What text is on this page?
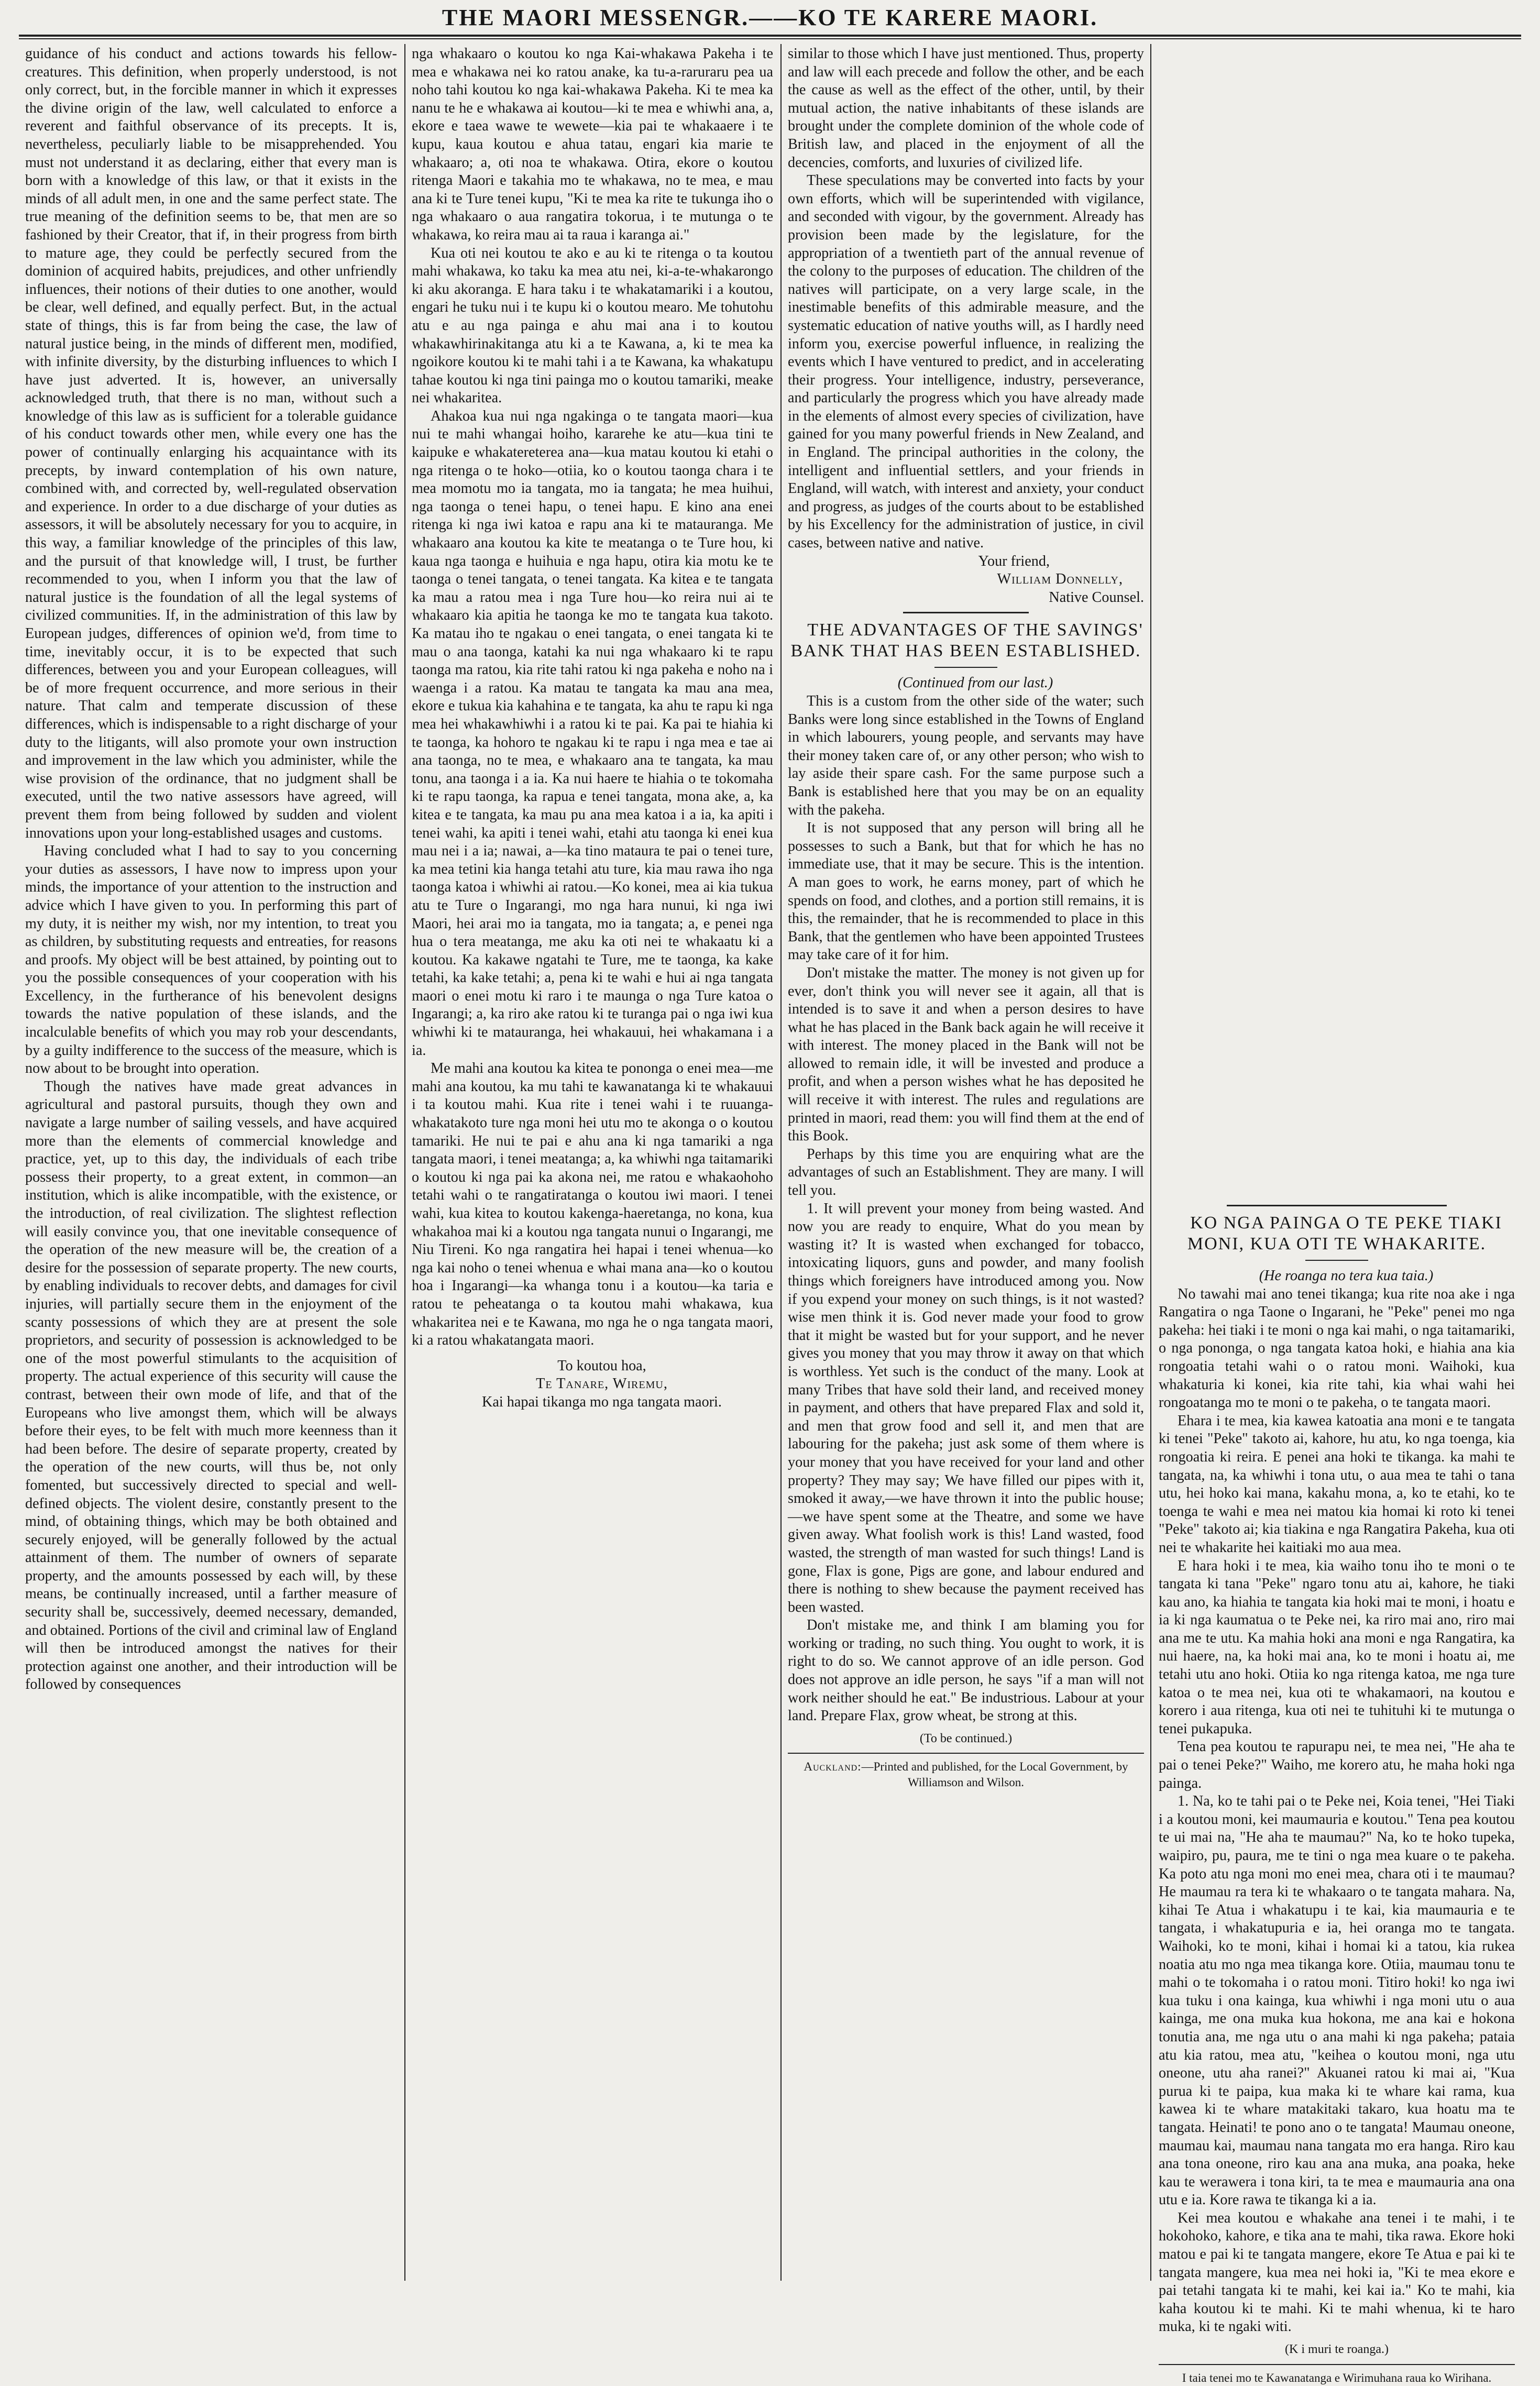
THE MAORI MESSENGR.——KO TE KARERE MAORI.

guidance of his conduct and actions towards his fellow-creatures. This definition, when properly understood, is not only correct, but, in the forcible manner in which it expresses the divine origin of the law, well calculated to enforce a reverent and faithful observance of its precepts. It is, nevertheless, peculiarly liable to be misapprehended. You must not understand it as declaring, either that every man is born with a knowledge of this law, or that it exists in the minds of all adult men, in one and the same perfect state. The true meaning of the definition seems to be, that men are so fashioned by their Creator, that if, in their progress from birth to mature age, they could be perfectly secured from the dominion of acquired habits, prejudices, and other unfriendly influences, their notions of their duties to one another, would be clear, well defined, and equally perfect. But, in the actual state of things, this is far from being the case, the law of natural justice being, in the minds of different men, modified, with infinite diversity, by the disturbing influences to which I have just adverted. It is, however, an universally acknowledged truth, that there is no man, without such a knowledge of this law as is sufficient for a tolerable guidance of his conduct towards other men, while every one has the power of continually enlarging his acquaintance with its precepts, by inward contemplation of his own nature, combined with, and corrected by, well-regulated observation and experience. In order to a due discharge of your duties as assessors, it will be absolutely necessary for you to acquire, in this way, a familiar knowledge of the principles of this law, and the pursuit of that knowledge will, I trust, be further recommended to you, when I inform you that the law of natural justice is the foundation of all the legal systems of civilized communities. If, in the administration of this law by European judges, differences of opinion we'd, from time to time, inevitably occur, it is to be expected that such differences, between you and your European colleagues, will be of more frequent occurrence, and more serious in their nature. That calm and temperate discussion of these differences, which is indispensable to a right discharge of your duty to the litigants, will also promote your own instruction and improvement in the law which you administer, while the wise provision of the ordinance, that no judgment shall be executed, until the two native assessors have agreed, will prevent them from being followed by sudden and violent innovations upon your long-established usages and customs.

Having concluded what I had to say to you concerning your duties as assessors, I have now to impress upon your minds, the importance of your attention to the instruction and advice which I have given to you. In performing this part of my duty, it is neither my wish, nor my intention, to treat you as children, by substituting requests and entreaties, for reasons and proofs. My object will be best attained, by pointing out to you the possible consequences of your cooperation with his Excellency, in the furtherance of his benevolent designs towards the native population of these islands, and the incalculable benefits of which you may rob your descendants, by a guilty indifference to the success of the measure, which is now about to be brought into operation.

Though the natives have made great advances in agricultural and pastoral pursuits, though they own and navigate a large number of sailing vessels, and have acquired more than the elements of commercial knowledge and practice, yet, up to this day, the individuals of each tribe possess their property, to a great extent, in common—an institution, which is alike incompatible, with the existence, or the introduction, of real civilization. The slightest reflection will easily convince you, that one inevitable consequence of the operation of the new measure will be, the creation of a desire for the possession of separate property. The new courts, by enabling individuals to recover debts, and damages for civil injuries, will partially secure them in the enjoyment of the scanty possessions of which they are at present the sole proprietors, and security of possession is acknowledged to be one of the most powerful stimulants to the acquisition of property. The actual experience of this security will cause the contrast, between their own mode of life, and that of the Europeans who live amongst them, which will be always before their eyes, to be felt with much more keenness than it had been before. The desire of separate property, created by the operation of the new courts, will thus be, not only fomented, but successively directed to special and well-defined objects. The violent desire, constantly present to the mind, of obtaining things, which may be both obtained and securely enjoyed, will be generally followed by the actual attainment of them. The number of owners of separate property, and the amounts possessed by each will, by these means, be continually increased, until a farther measure of security shall be, successively, deemed necessary, demanded, and obtained. Portions of the civil and criminal law of England will then be introduced amongst the natives for their protection against one another, and their introduction will be followed by consequences

nga whakaaro o koutou ko nga Kai-whakawa Pakeha i te mea e whakawa nei ko ratou anake, ka tu-a-raruraru pea ua noho tahi koutou ko nga kai-whakawa Pakeha. Ki te mea ka nanu te he e whakawa ai koutou—ki te mea e whiwhi ana, a, ekore e taea wawe te wewete—kia pai te whakaaere i te kupu, kaua koutou e ahua tatau, engari kia marie te whakaaro; a, oti noa te whakawa. Otira, ekore o koutou ritenga Maori e takahia mo te whakawa, no te mea, e mau ana ki te Ture tenei kupu, "Ki te mea ka rite te tukunga iho o nga whakaaro o aua rangatira tokorua, i te mutunga o te whakawa, ko reira mau ai ta raua i karanga ai."

Kua oti nei koutou te ako e au ki te ritenga o ta koutou mahi whakawa, ko taku ka mea atu nei, ki-a-te-whakarongo ki aku akoranga. E hara taku i te whakatamariki i a koutou, engari he tuku nui i te kupu ki o koutou mearo. Me tohutohu atu e au nga painga e ahu mai ana i to koutou whakawhirinakitanga atu ki a te Kawana, a, ki te mea ka ngoikore koutou ki te mahi tahi i a te Kawana, ka whakatupu tahae koutou ki nga tini painga mo o koutou tamariki, meake nei whakaritea.

Ahakoa kua nui nga ngakinga o te tangata maori—kua nui te mahi whangai hoiho, kararehe ke atu—kua tini te kaipuke e whakatereterea ana—kua matau koutou ki etahi o nga ritenga o te hoko—otiia, ko o koutou taonga chara i te mea momotu mo ia tangata, mo ia tangata; he mea huihui, nga taonga o tenei hapu, o tenei hapu. E kino ana enei ritenga ki nga iwi katoa e rapu ana ki te matauranga. Me whakaaro ana koutou ka kite te meatanga o te Ture hou, ki kaua nga taonga e huihuia e nga hapu, otira kia motu ke te taonga o tenei tangata, o tenei tangata. Ka kitea e te tangata ka mau a ratou mea i nga Ture hou—ko reira nui ai te whakaaro kia apitia he taonga ke mo te tangata kua takoto. Ka matau iho te ngakau o enei tangata, o enei tangata ki te mau o ana taonga, katahi ka nui nga whakaaro ki te rapu taonga ma ratou, kia rite tahi ratou ki nga pakeha e noho na i waenga i a ratou. Ka matau te tangata ka mau ana mea, ekore e tukua kia kahahina e te tangata, ka ahu te rapu ki nga mea hei whakawhiwhi i a ratou ki te pai. Ka pai te hiahia ki te taonga, ka hohoro te ngakau ki te rapu i nga mea e tae ai ana taonga, no te mea, e whakaaro ana te tangata, ka mau tonu, ana taonga i a ia. Ka nui haere te hiahia o te tokomaha ki te rapu taonga, ka rapua e tenei tangata, mona ake, a, ka kitea e te tangata, ka mau pu ana mea katoa i a ia, ka apiti i tenei wahi, ka apiti i tenei wahi, etahi atu taonga ki enei kua mau nei i a ia; nawai, a—ka tino mataura te pai o tenei ture, ka mea tetini kia hanga tetahi atu ture, kia mau rawa iho nga taonga katoa i whiwhi ai ratou.—Ko konei, mea ai kia tukua atu te Ture o Ingarangi, mo nga hara nunui, ki nga iwi Maori, hei arai mo ia tangata, mo ia tangata; a, e penei nga hua o tera meatanga, me aku ka oti nei te whakaatu ki a koutou. Ka kakawe ngatahi te Ture, me te taonga, ka kake tetahi, ka kake tetahi; a, pena ki te wahi e hui ai nga tangata maori o enei motu ki raro i te maunga o nga Ture katoa o Ingarangi; a, ka riro ake ratou ki te turanga pai o nga iwi kua whiwhi ki te matauranga, hei whakauui, hei whakamana i a ia.

Me mahi ana koutou ka kitea te pononga o enei mea—me mahi ana koutou, ka mu tahi te kawanatanga ki te whakauui i ta koutou mahi. Kua rite i tenei wahi i te ruuanga-whakatakoto ture nga moni hei utu mo te akonga o o koutou tamariki. He nui te pai e ahu ana ki nga tamariki a nga tangata maori, i tenei meatanga; a, ka whiwhi nga taitamariki o koutou ki nga pai ka akona nei, me ratou e whakaohoho tetahi wahi o te rangatiratanga o koutou iwi maori. I tenei wahi, kua kitea to koutou kakenga-haeretanga, no kona, kua whakahoa mai ki a koutou nga tangata nunui o Ingarangi, me Niu Tireni. Ko nga rangatira hei hapai i tenei whenua—ko nga kai noho o tenei whenua e whai mana ana—ko o koutou hoa i Ingarangi—ka whanga tonu i a koutou—ka taria e ratou te peheatanga o ta koutou mahi whakawa, kua whakaritea nei e te Kawana, mo nga he o nga tangata maori, ki a ratou whakatangata maori.

To koutou hoa,

Te Tanare, Wiremu,

Kai hapai tikanga mo nga tangata maori.

similar to those which I have just mentioned. Thus, property and law will each precede and follow the other, and be each the cause as well as the effect of the other, until, by their mutual action, the native inhabitants of these islands are brought under the complete dominion of the whole code of British law, and placed in the enjoyment of all the decencies, comforts, and luxuries of civilized life.

These speculations may be converted into facts by your own efforts, which will be superintended with vigilance, and seconded with vigour, by the government. Already has provision been made by the legislature, for the appropriation of a twentieth part of the annual revenue of the colony to the purposes of education. The children of the natives will participate, on a very large scale, in the inestimable benefits of this admirable measure, and the systematic education of native youths will, as I hardly need inform you, exercise powerful influence, in realizing the events which I have ventured to predict, and in accelerating their progress. Your intelligence, industry, perseverance, and particularly the progress which you have already made in the elements of almost every species of civilization, have gained for you many powerful friends in New Zealand, and in England. The principal authorities in the colony, the intelligent and influential settlers, and your friends in England, will watch, with interest and anxiety, your conduct and progress, as judges of the courts about to be established by his Excellency for the administration of justice, in civil cases, between native and native.

Your friend,

William Donnelly,

Native Counsel.

THE ADVANTAGES OF THE SAVINGS' BANK THAT HAS BEEN ESTABLISHED.

(Continued from our last.)

This is a custom from the other side of the water; such Banks were long since established in the Towns of England in which labourers, young people, and servants may have their money taken care of, or any other person; who wish to lay aside their spare cash. For the same purpose such a Bank is established here that you may be on an equality with the pakeha.

It is not supposed that any person will bring all he possesses to such a Bank, but that for which he has no immediate use, that it may be secure. This is the intention. A man goes to work, he earns money, part of which he spends on food, and clothes, and a portion still remains, it is this, the remainder, that he is recommended to place in this Bank, that the gentlemen who have been appointed Trustees may take care of it for him.

Don't mistake the matter. The money is not given up for ever, don't think you will never see it again, all that is intended is to save it and when a person desires to have what he has placed in the Bank back again he will receive it with interest. The money placed in the Bank will not be allowed to remain idle, it will be invested and produce a profit, and when a person wishes what he has deposited he will receive it with interest. The rules and regulations are printed in maori, read them: you will find them at the end of this Book.

Perhaps by this time you are enquiring what are the advantages of such an Establishment. They are many. I will tell you.

1. It will prevent your money from being wasted. And now you are ready to enquire, What do you mean by wasting it? It is wasted when exchanged for tobacco, intoxicating liquors, guns and powder, and many foolish things which foreigners have introduced among you. Now if you expend your money on such things, is it not wasted? wise men think it is. God never made your food to grow that it might be wasted but for your support, and he never gives you money that you may throw it away on that which is worthless. Yet such is the conduct of the many. Look at many Tribes that have sold their land, and received money in payment, and others that have prepared Flax and sold it, and men that grow food and sell it, and men that are labouring for the pakeha; just ask some of them where is your money that you have received for your land and other property? They may say; We have filled our pipes with it, smoked it away,—we have thrown it into the public house;—we have spent some at the Theatre, and some we have given away. What foolish work is this! Land wasted, food wasted, the strength of man wasted for such things! Land is gone, Flax is gone, Pigs are gone, and labour endured and there is nothing to shew because the payment received has been wasted.

Don't mistake me, and think I am blaming you for working or trading, no such thing. You ought to work, it is right to do so. We cannot approve of an idle person. God does not approve an idle person, he says "if a man will not work neither should he eat." Be industrious. Labour at your land. Prepare Flax, grow wheat, be strong at this.

(To be continued.)

Auckland:—Printed and published, for the Local Government, by Williamson and Wilson.

KO NGA PAINGA O TE PEKE TIAKI MONI, KUA OTI TE WHAKARITE.

(He roanga no tera kua taia.)

No tawahi mai ano tenei tikanga; kua rite noa ake i nga Rangatira o nga Taone o Ingarani, he "Peke" penei mo nga pakeha: hei tiaki i te moni o nga kai mahi, o nga taitamariki, o nga pononga, o nga tangata katoa hoki, e hiahia ana kia rongoatia tetahi wahi o o ratou moni. Waihoki, kua whakaturia ki konei, kia rite tahi, kia whai wahi hei rongoatanga mo te moni o te pakeha, o te tangata maori.

Ehara i te mea, kia kawea katoatia ana moni e te tangata ki tenei "Peke" takoto ai, kahore, hu atu, ko nga toenga, kia rongoatia ki reira. E penei ana hoki te tikanga. ka mahi te tangata, na, ka whiwhi i tona utu, o aua mea te tahi o tana utu, hei hoko kai mana, kakahu mona, a, ko te etahi, ko te toenga te wahi e mea nei matou kia homai ki roto ki tenei "Peke" takoto ai; kia tiakina e nga Rangatira Pakeha, kua oti nei te whakarite hei kaitiaki mo aua mea.

E hara hoki i te mea, kia waiho tonu iho te moni o te tangata ki tana "Peke" ngaro tonu atu ai, kahore, he tiaki kau ano, ka hiahia te tangata kia hoki mai te moni, i hoatu e ia ki nga kaumatua o te Peke nei, ka riro mai ano, riro mai ana me te utu. Ka mahia hoki ana moni e nga Rangatira, ka nui haere, na, ka hoki mai ana, ko te moni i hoatu ai, me tetahi utu ano hoki. Otiia ko nga ritenga katoa, me nga ture katoa o te mea nei, kua oti te whakamaori, na koutou e korero i aua ritenga, kua oti nei te tuhituhi ki te mutunga o tenei pukapuka.

Tena pea koutou te rapurapu nei, te mea nei, "He aha te pai o tenei Peke?" Waiho, me korero atu, he maha hoki nga painga.

1. Na, ko te tahi pai o te Peke nei, Koia tenei, "Hei Tiaki i a koutou moni, kei maumauria e koutou." Tena pea koutou te ui mai na, "He aha te maumau?" Na, ko te hoko tupeka, waipiro, pu, paura, me te tini o nga mea kuare o te pakeha. Ka poto atu nga moni mo enei mea, chara oti i te maumau? He maumau ra tera ki te whakaaro o te tangata mahara. Na, kihai Te Atua i whakatupu i te kai, kia maumauria e te tangata, i whakatupuria e ia, hei oranga mo te tangata. Waihoki, ko te moni, kihai i homai ki a tatou, kia rukea noatia atu mo nga mea tikanga kore. Otiia, maumau tonu te mahi o te tokomaha i o ratou moni. Titiro hoki! ko nga iwi kua tuku i ona kainga, kua whiwhi i nga moni utu o aua kainga, me ona muka kua hokona, me ana kai e hokona tonutia ana, me nga utu o ana mahi ki nga pakeha; pataia atu kia ratou, mea atu, "keihea o koutou moni, nga utu oneone, utu aha ranei?" Akuanei ratou ki mai ai, "Kua purua ki te paipa, kua maka ki te whare kai rama, kua kawea ki te whare matakitaki takaro, kua hoatu ma te tangata. Heinati! te pono ano o te tangata! Maumau oneone, maumau kai, maumau nana tangata mo era hanga. Riro kau ana tona oneone, riro kau ana ana muka, ana poaka, heke kau te werawera i tona kiri, ta te mea e maumauria ana ona utu e ia. Kore rawa te tikanga ki a ia.

Kei mea koutou e whakahe ana tenei i te mahi, i te hokohoko, kahore, e tika ana te mahi, tika rawa. Ekore hoki matou e pai ki te tangata mangere, ekore Te Atua e pai ki te tangata mangere, kua mea nei hoki ia, "Ki te mea ekore e pai tetahi tangata ki te mahi, kei kai ia." Ko te mahi, kia kaha koutou ki te mahi. Ki te mahi whenua, ki te haro muka, ki te ngaki witi.

(K i muri te roanga.)

I taia tenei mo te Kawanatanga e Wirimuhana raua ko Wirihana.
